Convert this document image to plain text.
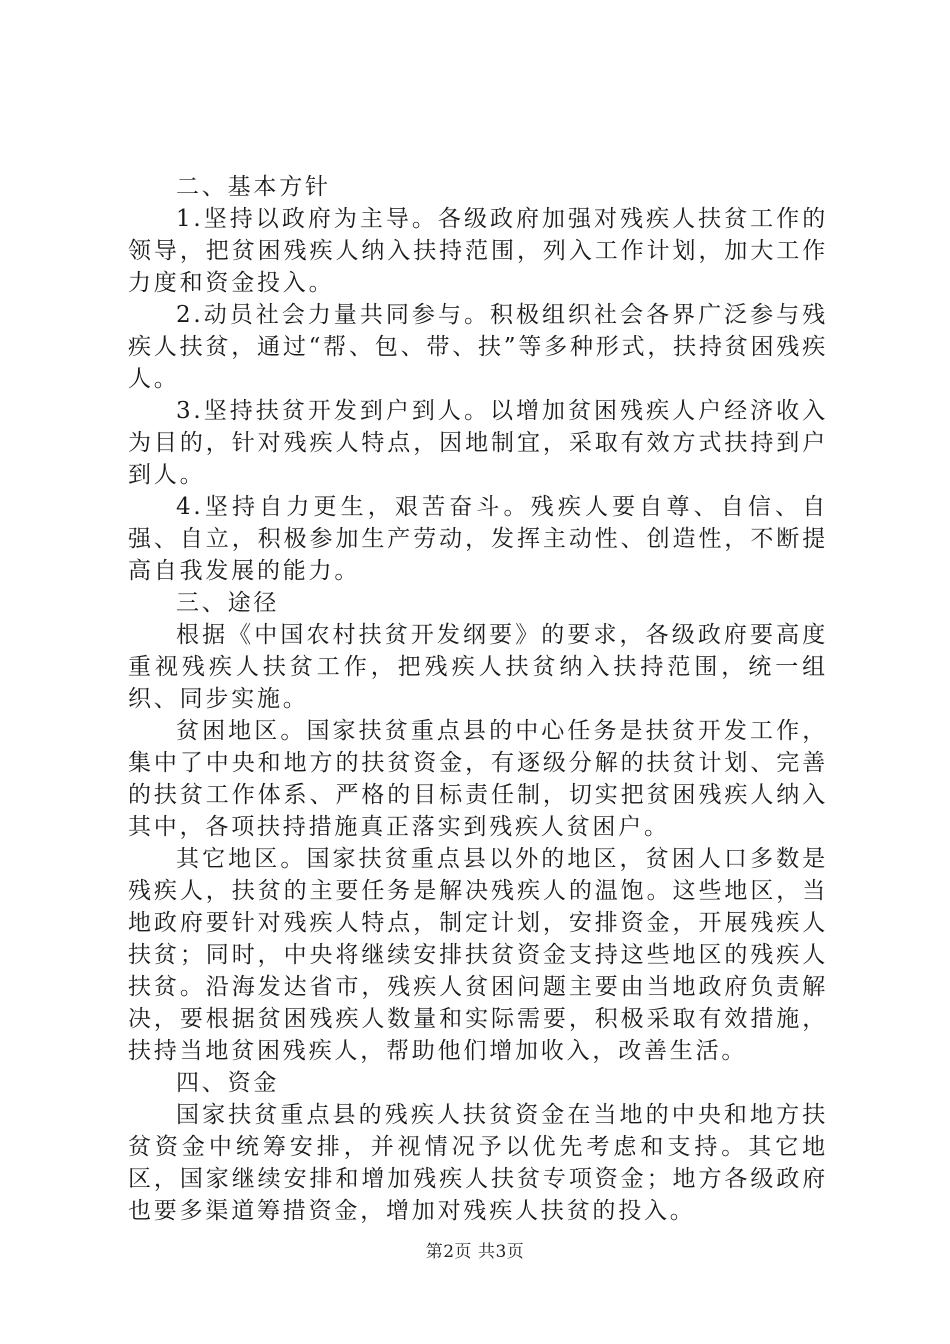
二、基本方针

1.坚持以政府为主导。各级政府加强对残疾人扶贫工作的领导，把贫困残疾人纳入扶持范围，列入工作计划，加大工作力度和资金投入。

2.动员社会力量共同参与。积极组织社会各界广泛参与残疾人扶贫，通过“帮、包、带、扶”等多种形式，扶持贫困残疾人。

3.坚持扶贫开发到户到人。以增加贫困残疾人户经济收入为目的，针对残疾人特点，因地制宜，采取有效方式扶持到户到人。

4.坚持自力更生，艰苦奋斗。残疾人要自尊、自信、自强、自立，积极参加生产劳动，发挥主动性、创造性，不断提高自我发展的能力。

三、途径

根据《中国农村扶贫开发纲要》的要求，各级政府要高度重视残疾人扶贫工作，把残疾人扶贫纳入扶持范围，统一组织、同步实施。

贫困地区。国家扶贫重点县的中心任务是扶贫开发工作，集中了中央和地方的扶贫资金，有逐级分解的扶贫计划、完善的扶贫工作体系、严格的目标责任制，切实把贫困残疾人纳入其中，各项扶持措施真正落实到残疾人贫困户。

其它地区。国家扶贫重点县以外的地区，贫困人口多数是残疾人，扶贫的主要任务是解决残疾人的温饱。这些地区，当地政府要针对残疾人特点，制定计划，安排资金，开展残疾人扶贫；同时，中央将继续安排扶贫资金支持这些地区的残疾人扶贫。沿海发达省市，残疾人贫困问题主要由当地政府负责解决，要根据贫困残疾人数量和实际需要，积极采取有效措施，扶持当地贫困残疾人，帮助他们增加收入，改善生活。

四、资金

国家扶贫重点县的残疾人扶贫资金在当地的中央和地方扶贫资金中统筹安排，并视情况予以优先考虑和支持。其它地区，国家继续安排和增加残疾人扶贫专项资金；地方各级政府也要多渠道筹措资金，增加对残疾人扶贫的投入。

第2页 共3页
